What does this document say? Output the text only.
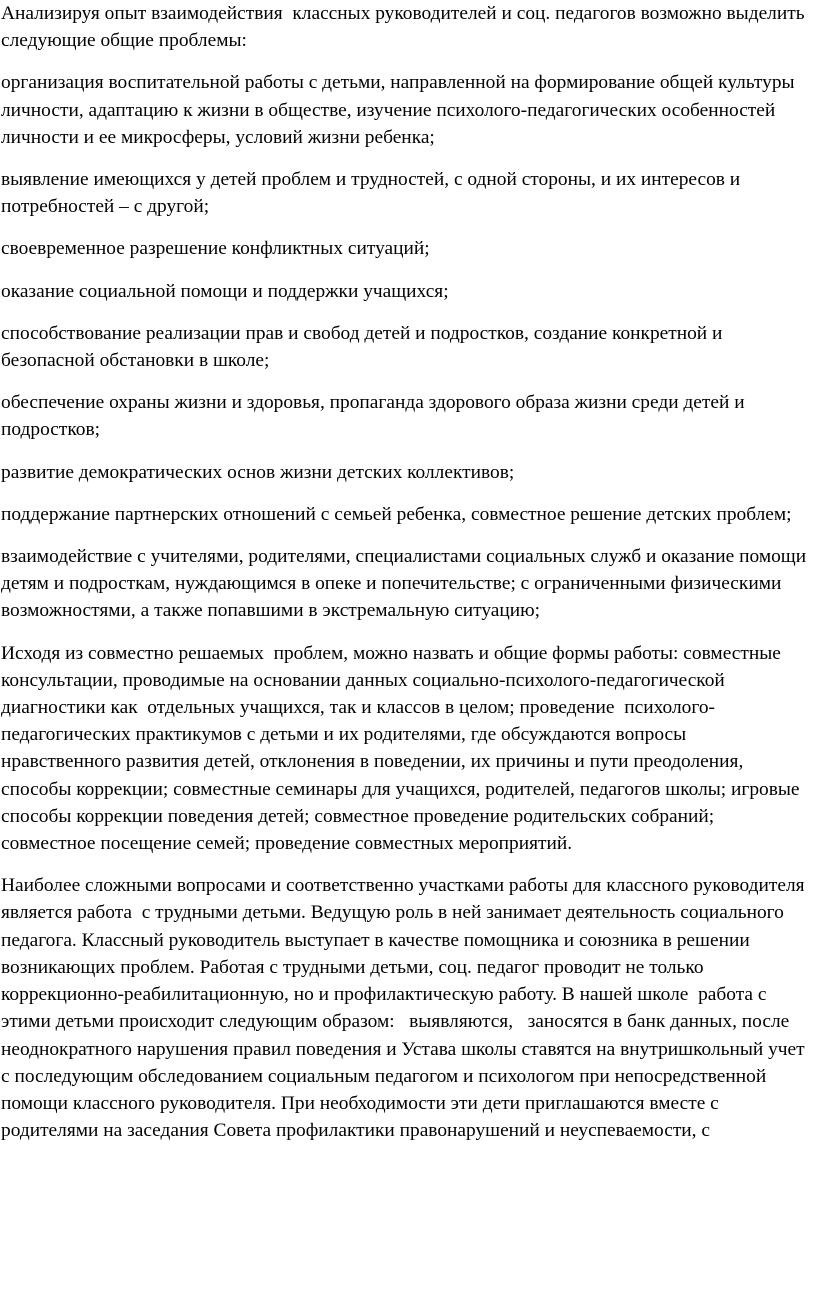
Анализируя опыт взаимодействия  классных руководителей и соц. педагогов возможно выделить следующие общие проблемы:

организация воспитательной работы с детьми, направленной на формирование общей культуры личности, адаптацию к жизни в обществе, изучение психолого-педагогических особенностей личности и ее микросферы, условий жизни ребенка;

выявление имеющихся у детей проблем и трудностей, с одной стороны, и их интересов и потребностей – с другой;

своевременное разрешение конфликтных ситуаций;

оказание социальной помощи и поддержки учащихся;

способствование реализации прав и свобод детей и подростков, создание конкретной и безопасной обстановки в школе;

обеспечение охраны жизни и здоровья, пропаганда здорового образа жизни среди детей и подростков;

развитие демократических основ жизни детских коллективов;

поддержание партнерских отношений с семьей ребенка, совместное решение детских проблем;

взаимодействие с учителями, родителями, специалистами социальных служб и оказание помощи детям и подросткам, нуждающимся в опеке и попечительстве; с ограниченными физическими возможностями, а также попавшими в экстремальную ситуацию;

Исходя из совместно решаемых  проблем, можно назвать и общие формы работы: совместные консультации, проводимые на основании данных социально-психолого-педагогической диагностики как  отдельных учащихся, так и классов в целом; проведение  психолого-педагогических практикумов с детьми и их родителями, где обсуждаются вопросы нравственного развития детей, отклонения в поведении, их причины и пути преодоления, способы коррекции; совместные семинары для учащихся, родителей, педагогов школы; игровые способы коррекции поведения детей; совместное проведение родительских собраний; совместное посещение семей; проведение совместных мероприятий.

Наиболее сложными вопросами и соответственно участками работы для классного руководителя является работа  с трудными детьми. Ведущую роль в ней занимает деятельность социального педагога. Классный руководитель выступает в качестве помощника и союзника в решении возникающих проблем. Работая с трудными детьми, соц. педагог проводит не только коррекционно-реабилитационную, но и профилактическую работу. В нашей школе  работа с этими детьми происходит следующим образом:   выявляются,   заносятся в банк данных, после неоднократного нарушения правил поведения и Устава школы ставятся на внутришкольный учет с последующим обследованием социальным педагогом и психологом при непосредственной помощи классного руководителя. При необходимости эти дети приглашаются вместе с родителями на заседания Совета профилактики правонарушений и неуспеваемости, с
